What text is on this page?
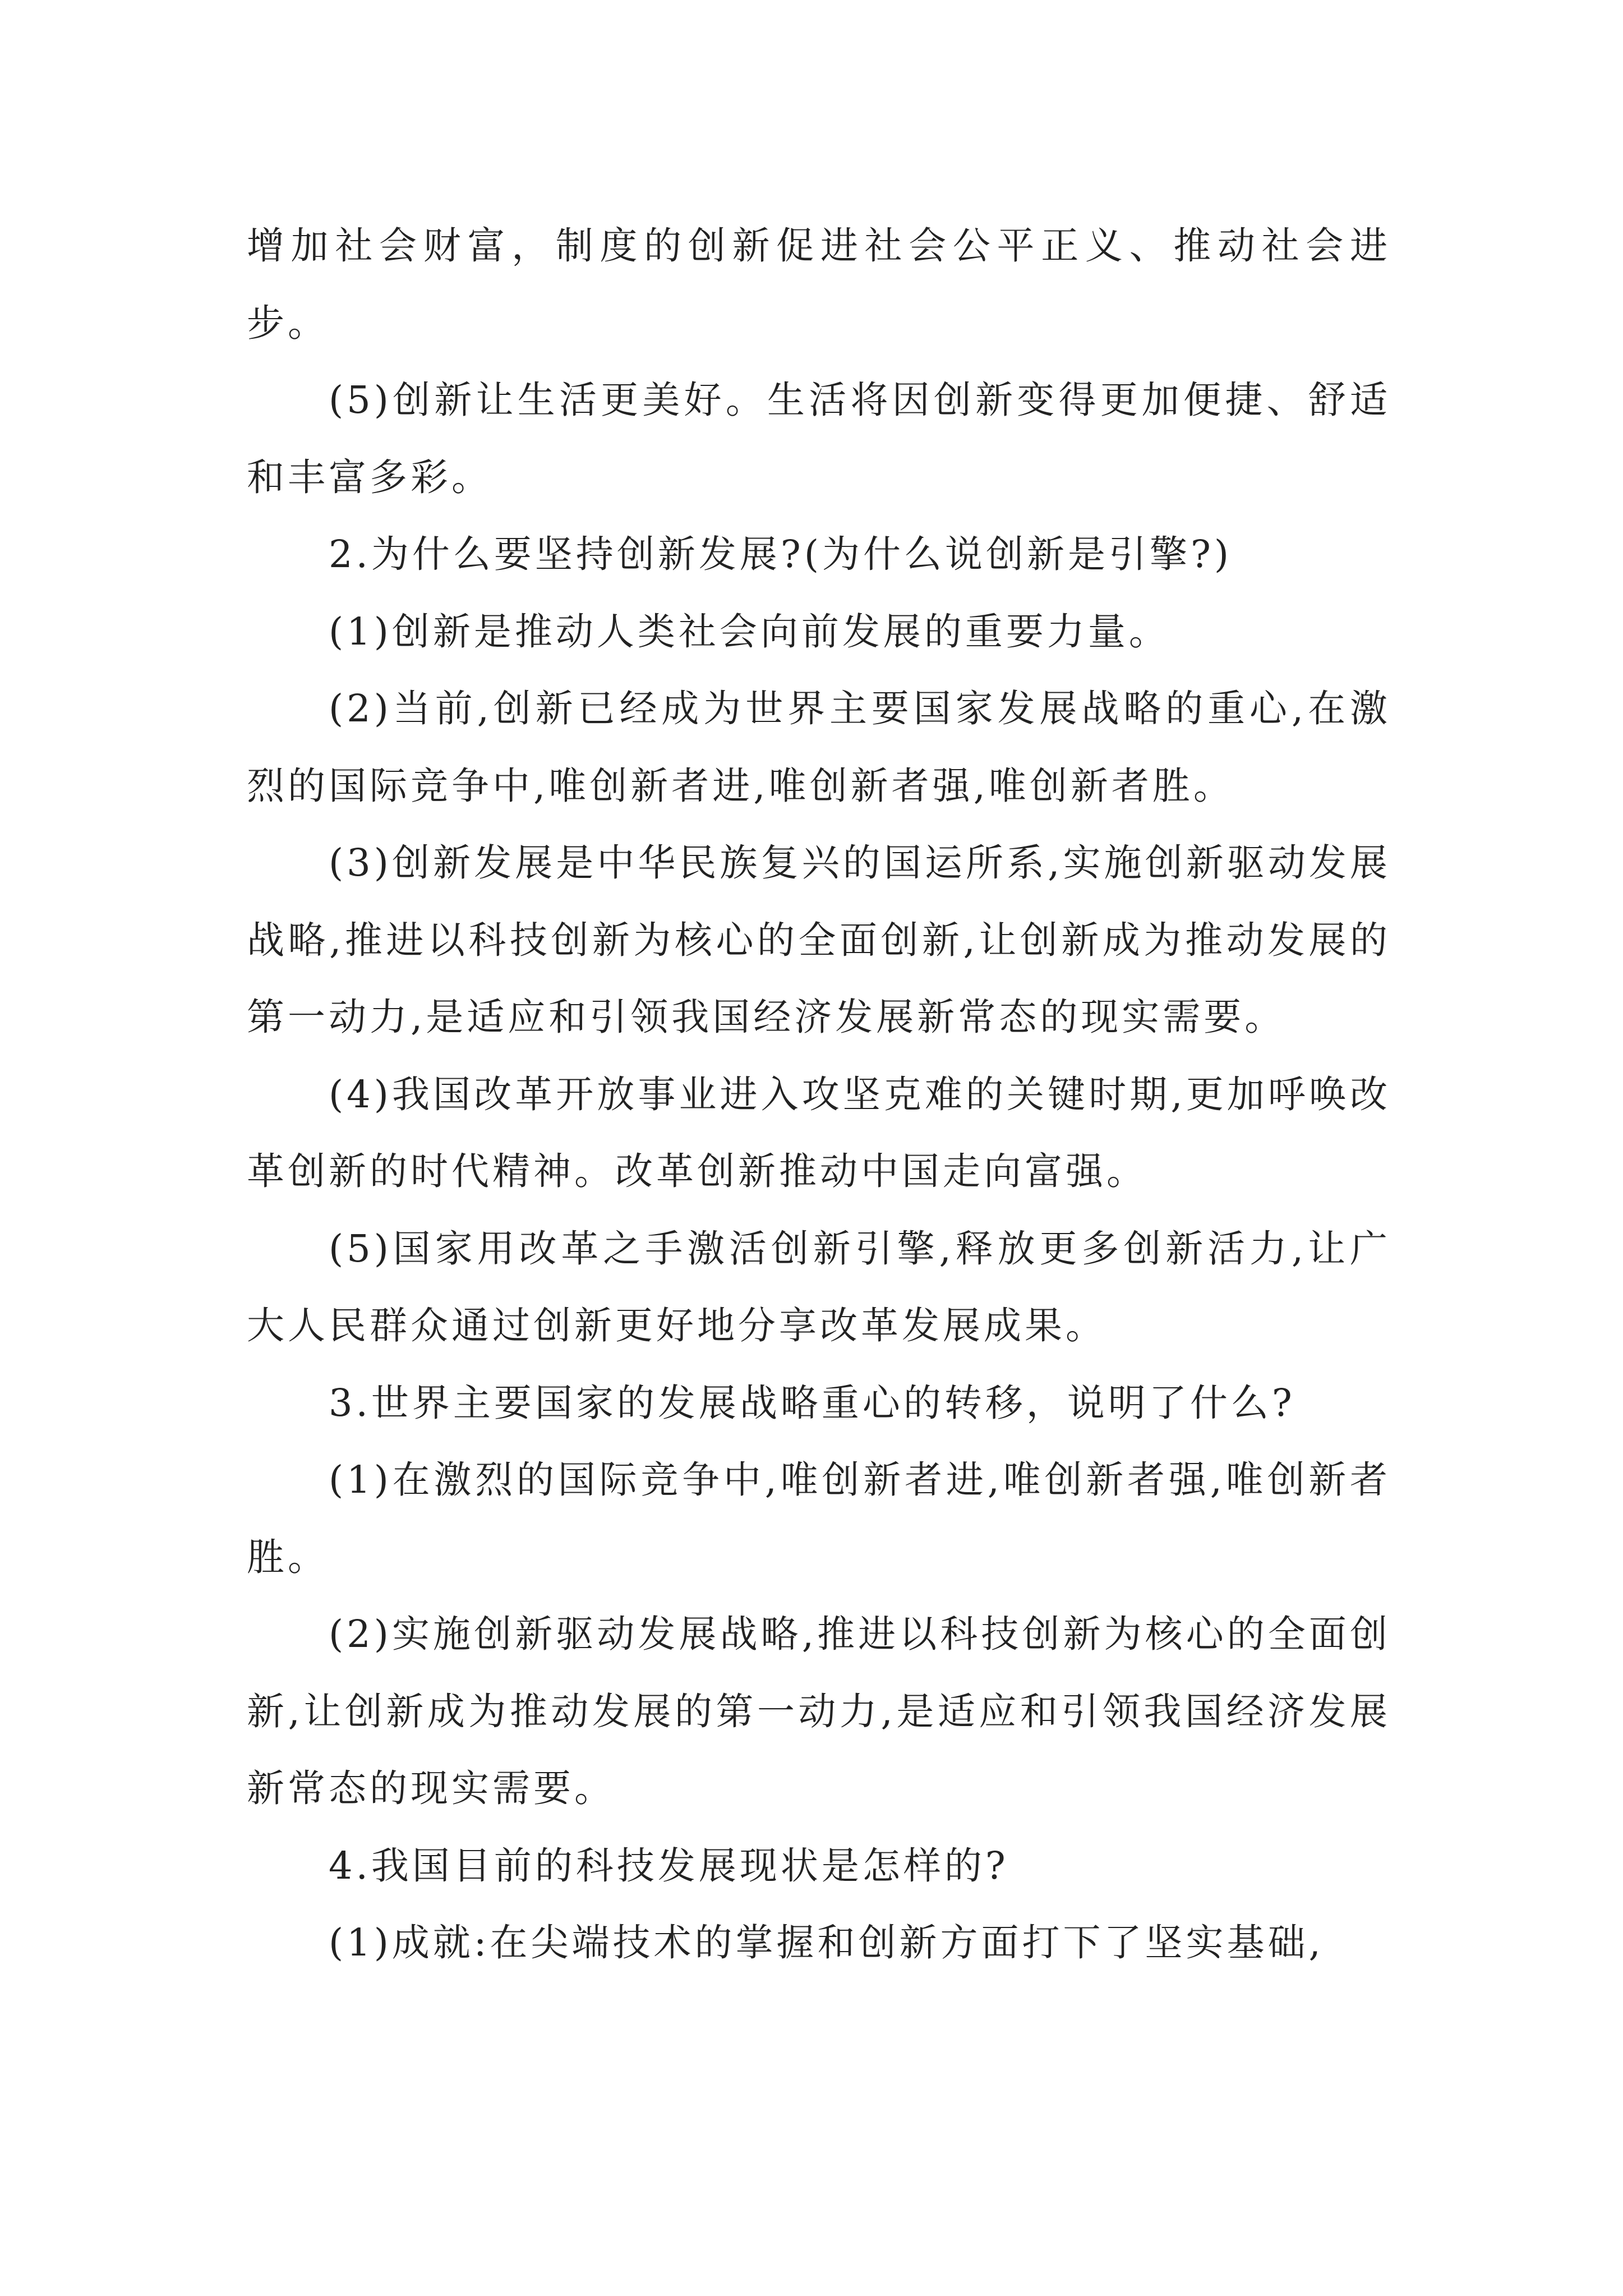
增加社会财富，制度的创新促进社会公平正义、推动社会进步。

(5)创新让生活更美好。生活将因创新变得更加便捷、舒适和丰富多彩。

2.为什么要坚持创新发展?(为什么说创新是引擎?)

(1)创新是推动人类社会向前发展的重要力量。

(2)当前,创新已经成为世界主要国家发展战略的重心,在激烈的国际竞争中,唯创新者进,唯创新者强,唯创新者胜。

(3)创新发展是中华民族复兴的国运所系,实施创新驱动发展战略,推进以科技创新为核心的全面创新,让创新成为推动发展的第一动力,是适应和引领我国经济发展新常态的现实需要。

(4)我国改革开放事业进入攻坚克难的关键时期,更加呼唤改革创新的时代精神。改革创新推动中国走向富强。

(5)国家用改革之手激活创新引擎,释放更多创新活力,让广大人民群众通过创新更好地分享改革发展成果。

3.世界主要国家的发展战略重心的转移，说明了什么?

(1)在激烈的国际竞争中,唯创新者进,唯创新者强,唯创新者胜。

(2)实施创新驱动发展战略,推进以科技创新为核心的全面创新,让创新成为推动发展的第一动力,是适应和引领我国经济发展新常态的现实需要。

4.我国目前的科技发展现状是怎样的?

(1)成就:在尖端技术的掌握和创新方面打下了坚实基础,
